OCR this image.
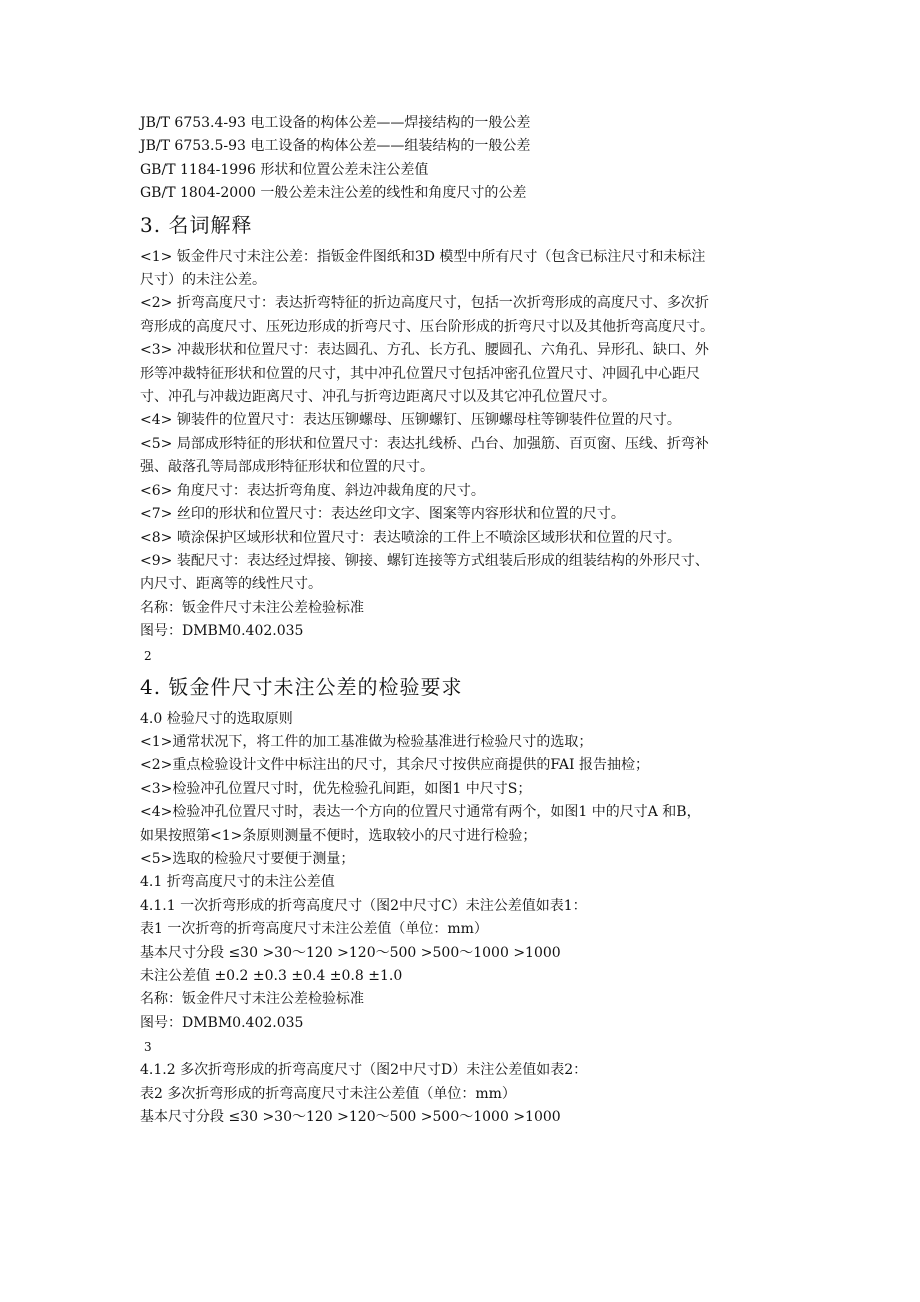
JB/T 6753.4-93 电工设备的构体公差——焊接结构的一般公差
JB/T 6753.5-93 电工设备的构体公差——组装结构的一般公差
GB/T 1184-1996 形状和位置公差未注公差值
GB/T 1804-2000 一般公差未注公差的线性和角度尺寸的公差
3. 名词解释
<1> 钣金件尺寸未注公差：指钣金件图纸和3D 模型中所有尺寸（包含已标注尺寸和未标注
尺寸）的未注公差。
<2> 折弯高度尺寸：表达折弯特征的折边高度尺寸，包括一次折弯形成的高度尺寸、多次折
弯形成的高度尺寸、压死边形成的折弯尺寸、压台阶形成的折弯尺寸以及其他折弯高度尺寸。
<3> 冲裁形状和位置尺寸：表达圆孔、方孔、长方孔、腰圆孔、六角孔、异形孔、缺口、外
形等冲裁特征形状和位置的尺寸，其中冲孔位置尺寸包括冲密孔位置尺寸、冲圆孔中心距尺
寸、冲孔与冲裁边距离尺寸、冲孔与折弯边距离尺寸以及其它冲孔位置尺寸。
<4> 铆装件的位置尺寸：表达压铆螺母、压铆螺钉、压铆螺母柱等铆装件位置的尺寸。
<5> 局部成形特征的形状和位置尺寸：表达扎线桥、凸台、加强筋、百页窗、压线、折弯补
强、敲落孔等局部成形特征形状和位置的尺寸。
<6> 角度尺寸：表达折弯角度、斜边冲裁角度的尺寸。
<7> 丝印的形状和位置尺寸：表达丝印文字、图案等内容形状和位置的尺寸。
<8> 喷涂保护区域形状和位置尺寸：表达喷涂的工件上不喷涂区域形状和位置的尺寸。
<9> 装配尺寸：表达经过焊接、铆接、螺钉连接等方式组装后形成的组装结构的外形尺寸、
内尺寸、距离等的线性尺寸。
名称：钣金件尺寸未注公差检验标准
图号：DMBM0.402.035
2
4. 钣金件尺寸未注公差的检验要求
4.0 检验尺寸的选取原则
<1>通常状况下，将工件的加工基准做为检验基准进行检验尺寸的选取；
<2>重点检验设计文件中标注出的尺寸，其余尺寸按供应商提供的FAI 报告抽检；
<3>检验冲孔位置尺寸时，优先检验孔间距，如图1 中尺寸S；
<4>检验冲孔位置尺寸时，表达一个方向的位置尺寸通常有两个，如图1 中的尺寸A 和B，
如果按照第<1>条原则测量不便时，选取较小的尺寸进行检验；
<5>选取的检验尺寸要便于测量；
4.1 折弯高度尺寸的未注公差值
4.1.1 一次折弯形成的折弯高度尺寸（图2中尺寸C）未注公差值如表1：
表1 一次折弯的折弯高度尺寸未注公差值（单位：mm）
基本尺寸分段 ≤30 >30～120 >120～500 >500～1000 >1000
未注公差值 ±0.2 ±0.3 ±0.4 ±0.8 ±1.0
名称：钣金件尺寸未注公差检验标准
图号：DMBM0.402.035
3
4.1.2 多次折弯形成的折弯高度尺寸（图2中尺寸D）未注公差值如表2：
表2 多次折弯形成的折弯高度尺寸未注公差值（单位：mm）
基本尺寸分段 ≤30 >30～120 >120～500 >500～1000 >1000
